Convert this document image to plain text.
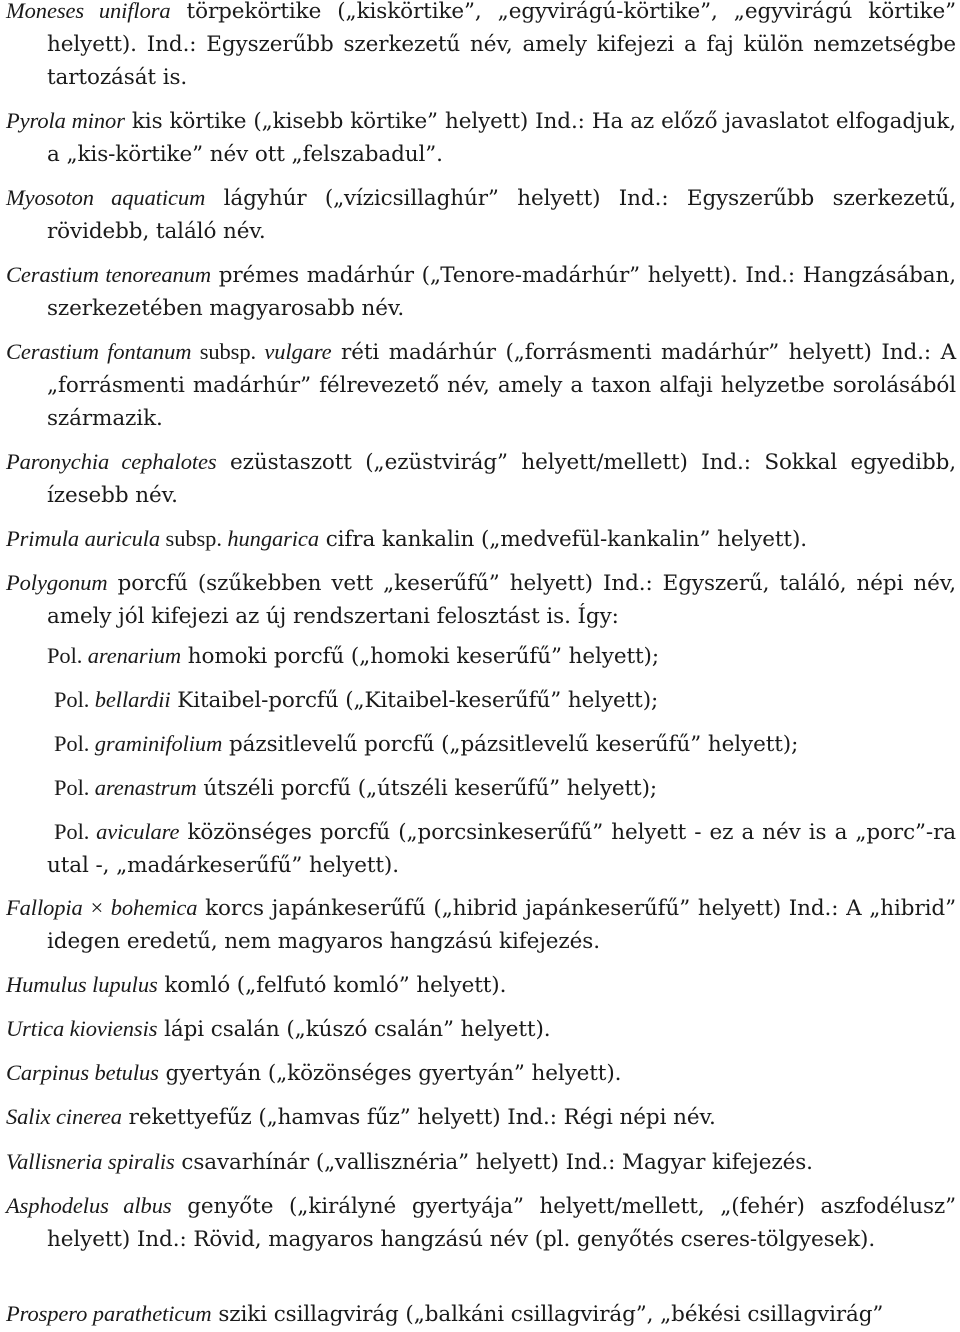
Moneses uniflora törpekörtike („kiskörtike”, „egyvirágú-körtike”, „egyvirágú körtike” helyett). Ind.: Egyszerűbb szerkezetű név, amely kifejezi a faj külön nemzetségbe tartozását is.

Pyrola minor kis körtike („kisebb körtike” helyett) Ind.: Ha az előző javaslatot elfogadjuk, a „kis-körtike” név ott „felszabadul”.

Myosoton aquaticum lágyhúr („vízicsillaghúr” helyett) Ind.: Egyszerűbb szerkezetű, rövidebb, találó név.

Cerastium tenoreanum prémes madárhúr („Tenore-madárhúr” helyett). Ind.: Hangzásában, szerkezetében magyarosabb név.

Cerastium fontanum subsp. vulgare réti madárhúr („forrásmenti madárhúr” helyett) Ind.: A „forrásmenti madárhúr” félrevezető név, amely a taxon alfaji helyzetbe sorolásából származik.

Paronychia cephalotes ezüstaszott („ezüstvirág” helyett/mellett) Ind.: Sokkal egyedibb, ízesebb név.

Primula auricula subsp. hungarica cifra kankalin („medvefül-kankalin” helyett).

Polygonum porcfű (szűkebben vett „keserűfű” helyett) Ind.: Egyszerű, találó, népi név, amely jól kifejezi az új rendszertani felosztást is. Így:

Pol. arenarium homoki porcfű („homoki keserűfű” helyett);

Pol. bellardii Kitaibel-porcfű („Kitaibel-keserűfű” helyett);

Pol. graminifolium pázsitlevelű porcfű („pázsitlevelű keserűfű” helyett);

Pol. arenastrum útszéli porcfű („útszéli keserűfű” helyett);

Pol. aviculare közönséges porcfű („porcsinkeserűfű” helyett - ez a név is a „porc”-ra utal -, „madárkeserűfű” helyett).

Fallopia × bohemica korcs japánkeserűfű („hibrid japánkeserűfű” helyett) Ind.: A „hibrid” idegen eredetű, nem magyaros hangzású kifejezés.

Humulus lupulus komló („felfutó komló” helyett).

Urtica kioviensis lápi csalán („kúszó csalán” helyett).

Carpinus betulus gyertyán („közönséges gyertyán” helyett).

Salix cinerea rekettyefűz („hamvas fűz” helyett) Ind.: Régi népi név.

Vallisneria spiralis csavarhínár („vallisznéria” helyett) Ind.: Magyar kifejezés.

Asphodelus albus genyőte („királyné gyertyája” helyett/mellett, „(fehér) aszfodélusz” helyett) Ind.: Rövid, magyaros hangzású név (pl. genyőtés cseres-tölgyesek).

Prospero paratheticum sziki csillagvirág („balkáni csillagvirág”, „békési csillagvirág”
